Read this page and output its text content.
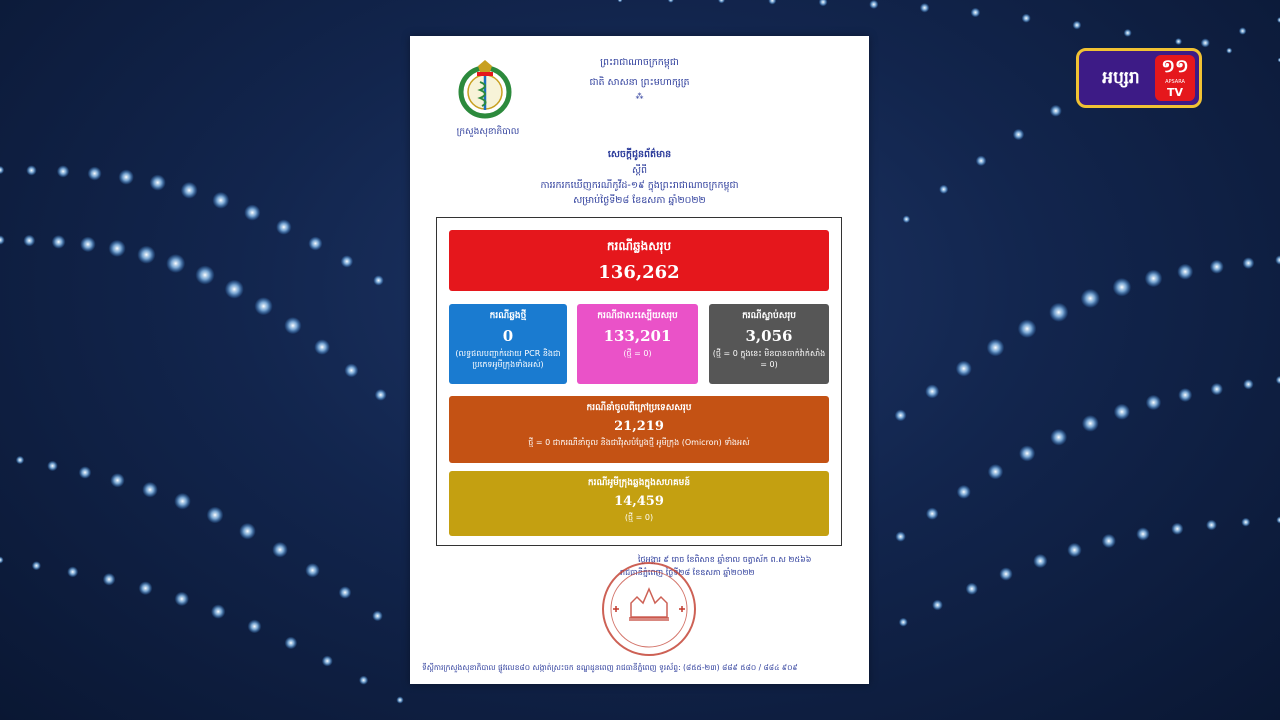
ក្រសួងសុខាភិបាល
ព្រះរាជាណាចក្រកម្ពុជា
ជាតិ សាសនា ព្រះមហាក្សត្រ
⁂
សេចក្ដីជូនព័ត៌មាន
ស្ដីពី
ការរករកឃើញករណីកូវីដ-១៩ ក្នុងព្រះរាជាណាចក្រកម្ពុជា
សម្រាប់ថ្ងៃទី២៨ ខែឧសភា ឆ្នាំ២០២២
ករណីឆ្លងសរុប
136,262
ករណីឆ្លងថ្មី
0
(លទ្ធផលបញ្ជាក់ដោយ PCR និងជាប្រភេទអូមីក្រុងទាំងអស់)
ករណីជាសះស្បើយសរុប
133,201
(ថ្មី = 0)
ករណីស្លាប់សរុប
3,056
(ថ្មី = 0 ក្នុងនេះ មិនបានចាក់វ៉ាក់សាំង = 0)
ករណីនាំចូលពីក្រៅប្រទេសសរុប
21,219
ថ្មី = 0 ជាករណីនាំចូល និងជាវីរុសបំប្លែងថ្មី អូមីក្រុង (Omicron) ទាំងអស់
ករណីអូមីក្រុងឆ្លងក្នុងសហគមន៍
14,459
(ថ្មី = 0)
ថ្ងៃអង្គារ ៩ រោច ខែពិសាខ ឆ្នាំខាល ចត្វាស័ក ព.ស ២៥៦៦
រាជធានីភ្នំពេញ ថ្ងៃទី២៨ ខែឧសភា ឆ្នាំ២០២២
ទីស្ដីការក្រសួងសុខាភិបាល ផ្លូវលេខ៨០ សង្កាត់ស្រះចក ខណ្ឌដូនពេញ រាជធានីភ្នំពេញ ទូរស័ព្ទ: (៨៥៥-២៣) ៨៨៩ ៥៨០ / ៨៨៤ ៩០៩
អប្សរា
១១
APSARA
TV
